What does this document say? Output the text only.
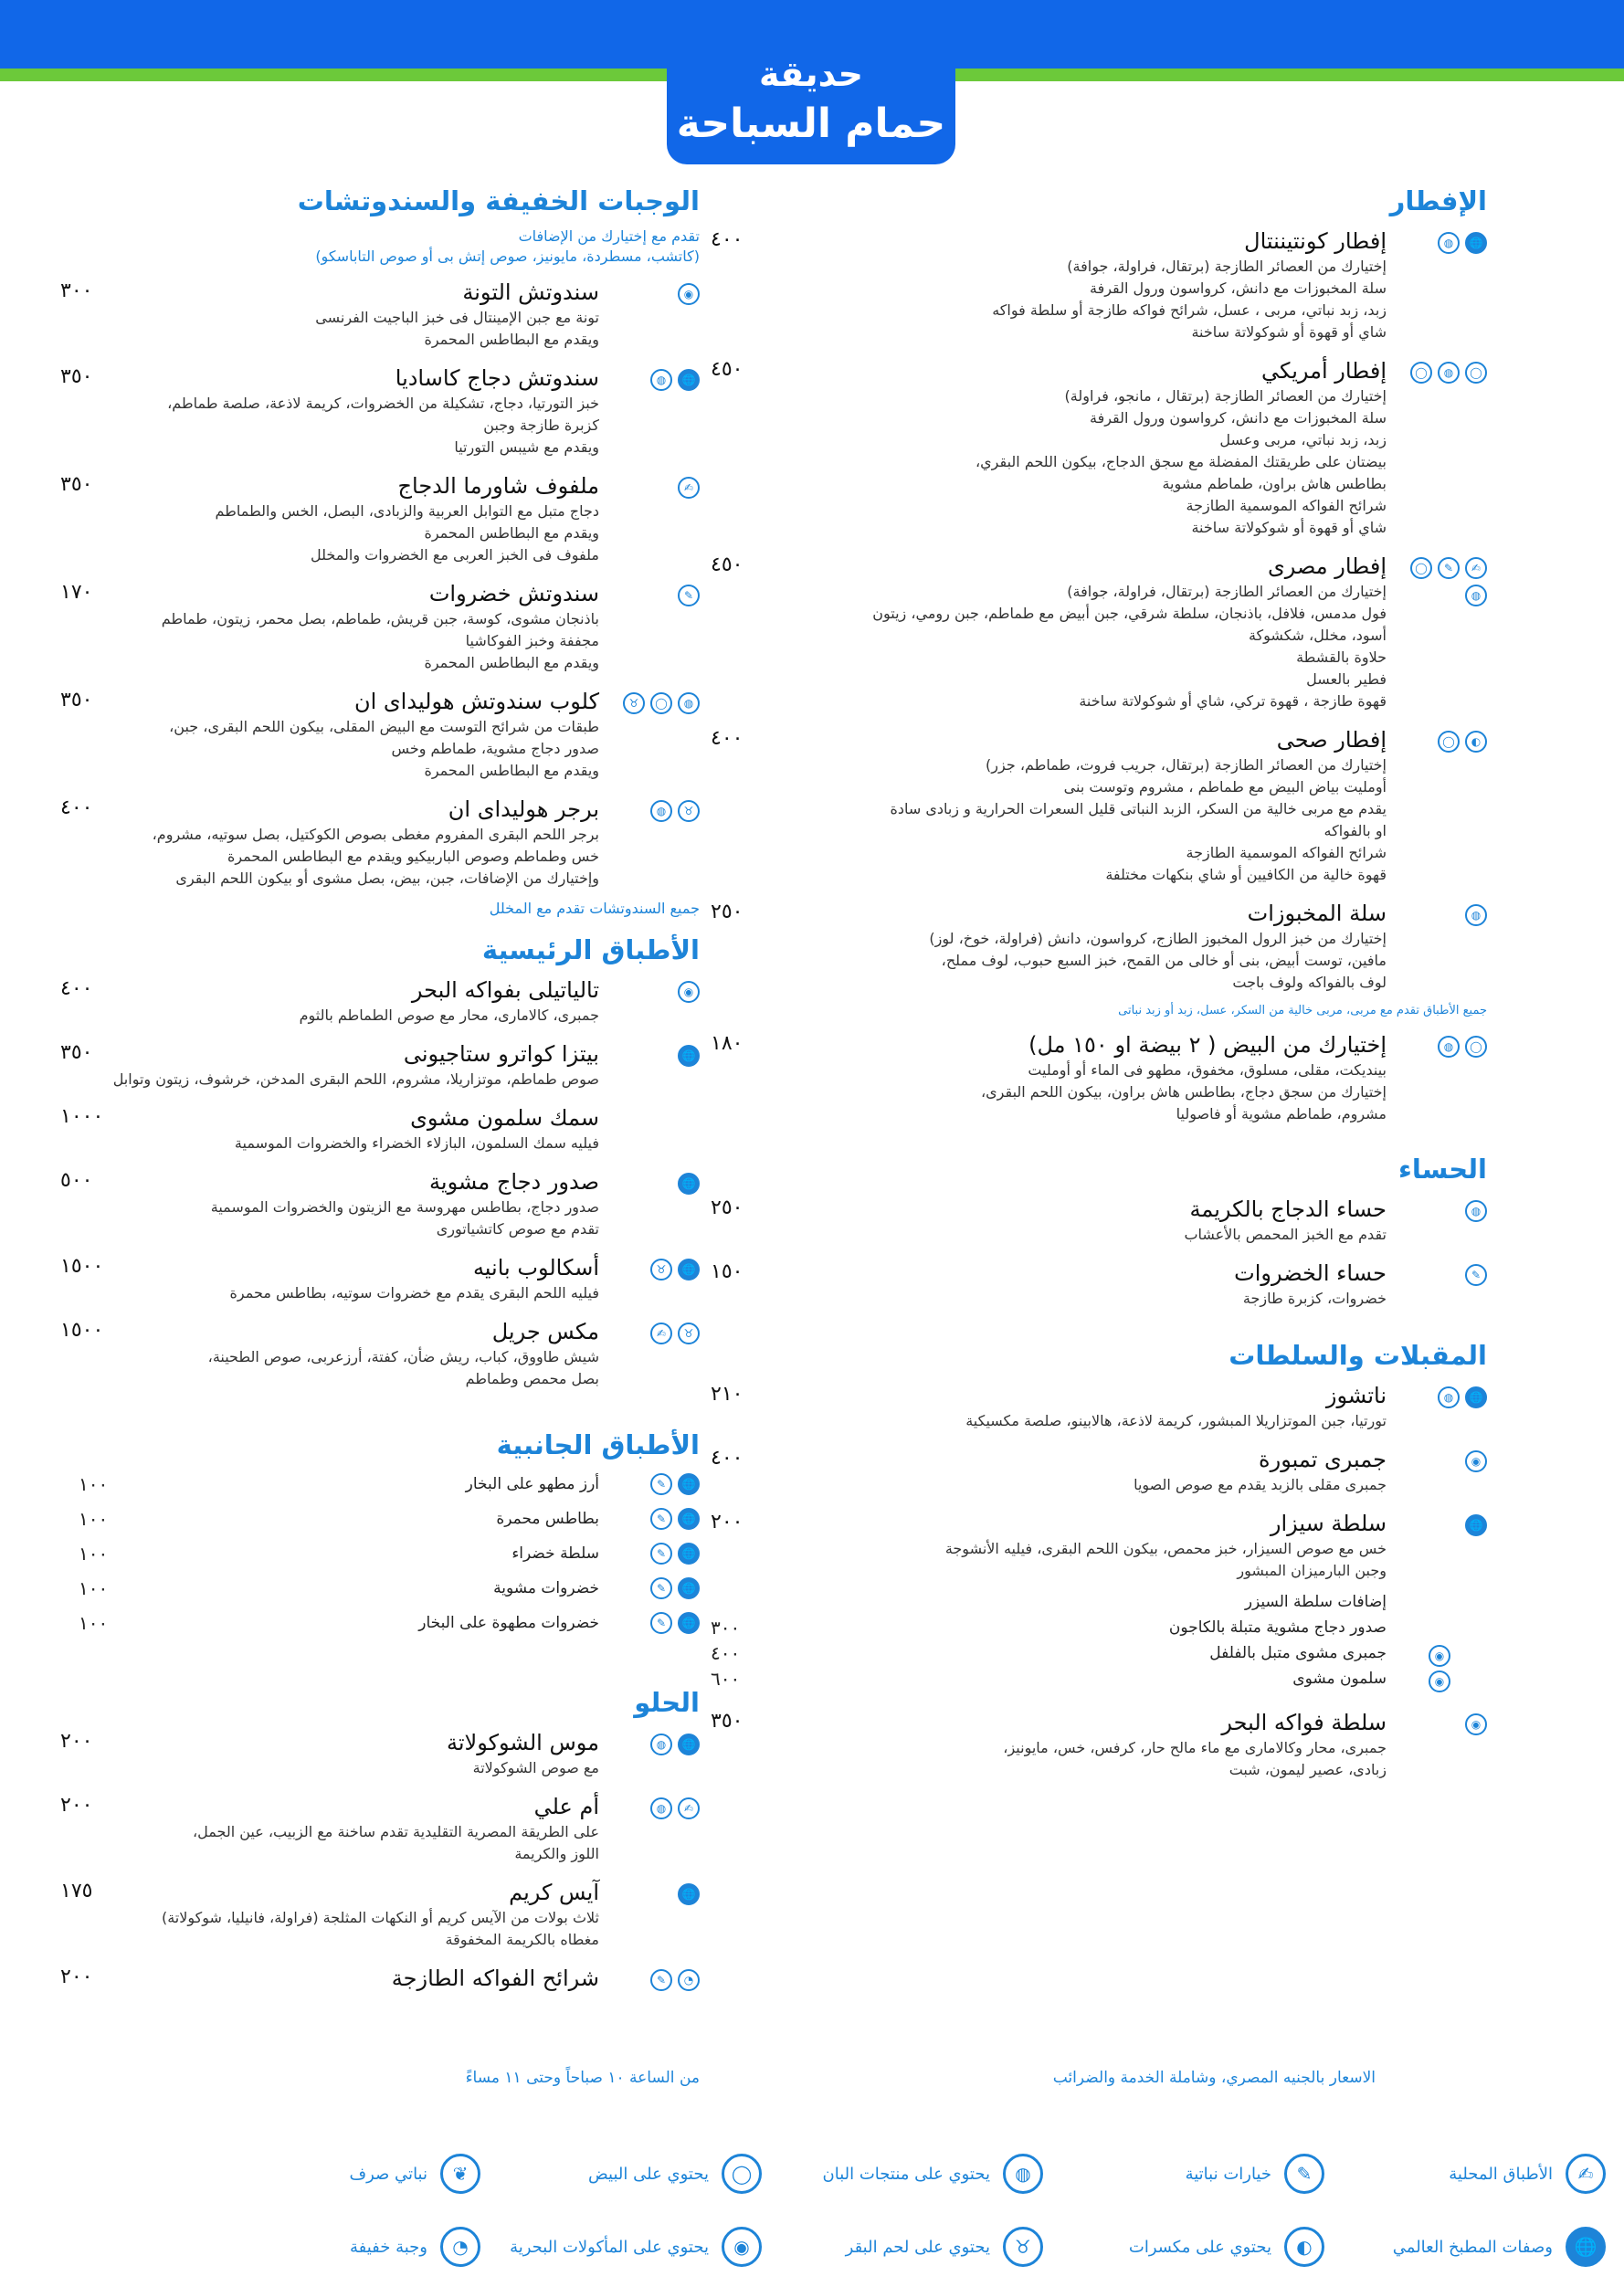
حديقة
حمام السباحة
الإفطار
🌐
◍
إفطار كونتيننتال
إختيارك من العصائر الطازجة (برتقال، فراولة، جوافة)
سلة المخبوزات مع دانش، كرواسون ورول القرفة
زبد، زبد نباتي، مربى ، عسل، شرائح فواكه طازجة أو سلطة فواكه
شاي أو قهوة أو شوكولاتة ساخنة
٤٠٠
◯
◍
◯
إفطار أمريكي
إختيارك من العصائر الطازجة (برتقال ، مانجو، فراولة)
سلة المخبوزات مع دانش، كرواسون ورول القرفة
زبد، زبد نباتي، مربى وعسل
بيضتان على طريقتك المفضلة مع سجق الدجاج، بيكون اللحم البقري،
بطاطس هاش براون، طماطم مشوية
شرائح الفواكه الموسمية الطازجة
شاي أو قهوة أو شوكولاتة ساخنة
٤٥٠
✍
✎
◯
◍
إفطار مصرى
إختيارك من العصائر الطازجة (برتقال، فراولة، جوافة)
فول مدمس، فلافل، باذنجان، سلطة شرقي، جبن أبيض مع طماطم، جبن رومي، زيتون
أسود، مخلل، شكشوكة
حلاوة بالقشطة
فطير بالعسل
قهوة طازجة ، قهوة تركي، شاي أو شوكولاتة ساخنة
٤٥٠
◐
◯
إفطار صحى
إختيارك من العصائر الطازجة (برتقال، جريب فروت، طماطم، جزر)
أومليت بياض البيض مع طماطم ، مشروم وتوست بنى
يقدم مع مربى خالية من السكر، الزبد النباتى قليل السعرات الحرارية و زبادى سادة
او بالفواكه
شرائح الفواكه الموسمية الطازجة
قهوة خالية من الكافيين أو شاي بنكهات مختلفة
٤٠٠
◍
سلة المخبوزات
إختيارك من خبز الرول المخبوز الطازج، كرواسون، دانش (فراولة، خوخ، لوز)
مافين، توست أبيض، بنى أو خالى من القمح، خبز السبع حبوب، لوف مملح،
لوف بالفواكه ولوف باجت
٢٥٠
جميع الأطباق تقدم مع مربى، مربى خالية من السكر، عسل، زبد أو زبد نباتى
◯
◍
إختيارك من البيض ( ٢ بيضة او ١٥٠ مل)
بينديكت، مقلى، مسلوق، مخفوق، مطهو فى الماء أو أومليت
إختيارك من سجق دجاج، بطاطس هاش براون، بيكون اللحم البقرى،
مشروم، طماطم مشوية أو فاصوليا
١٨٠
الحساء
◍
حساء الدجاج بالكريمة
تقدم مع الخبز المحمص بالأعشاب
٢٥٠
✎
حساء الخضروات
خضروات، كزبرة طازجة
١٥٠
المقبلات والسلطات
🌐
◍
ناتشوز
تورتيا، جبن الموتزاريلا المبشور، كريمة لاذعة، هالابينو، صلصة مكسيكية
٢١٠
◉
جمبرى تمبورة
جمبرى مقلى بالزبد يقدم مع صوص الصويا
٤٠٠
🌐
سلطة سيزار
خس مع صوص السيزار، خبز محمص، بيكون اللحم البقرى، فيليه الأنشوجة
وجبن البارميزان المبشور
٢٠٠
إضافات سلطة السيزر
صدور دجاج مشوية متبلة بالكاجون
٣٠٠
◉
جمبرى مشوى متبل بالفلفل
٤٠٠
◉
سلمون مشوى
٦٠٠
◉
سلطة فواكه البحر
جمبرى، محار وكالامارى مع ماء مالح حار، كرفس، خس، مايونيز،
زبادى، عصير ليمون، شبت
٣٥٠
الوجبات الخفيفة والسندوتشات
تقدم مع إختيارك من الإضافات
(كاتشب، مسطردة، مايونيز، صوص إتش بى أو صوص التاباسكو)
◉
سندوتش التونة
تونة مع جبن الإمينتال فى خبز الباجيت الفرنسى
ويقدم مع البطاطس المحمرة
٣٠٠
🌐
◍
سندوتش دجاج كاساديا
خبز التورتيا، دجاج، تشكيلة من الخضروات، كريمة لاذعة، صلصة طماطم،
كزبرة طازجة وجبن
ويقدم مع شيبس التورتيا
٣٥٠
✍
ملفوف شاورما الدجاج
دجاج متبل مع التوابل العربية والزبادى، البصل، الخس والطماطم
ويقدم مع البطاطس المحمرة
ملفوف فى الخبز العربى مع الخضروات والمخلل
٣٥٠
✎
سندوتش خضروات
باذنجان مشوى، كوسة، جبن قريش، طماطم، بصل محمر، زيتون، طماطم
مجففة وخبز الفوكاشيا
ويقدم مع البطاطس المحمرة
١٧٠
◍
◯
♉
كلوب سندوتش هوليداى ان
طبقات من شرائح التوست مع البيض المقلى، بيكون اللحم البقرى، جبن،
صدور دجاج مشوية، طماطم وخس
ويقدم مع البطاطس المحمرة
٣٥٠
♉
◍
برجر هوليداى ان
برجر اللحم البقرى المفروم مغطى بصوص الكوكتيل، بصل سوتيه، مشروم،
خس وطماطم وصوص الباربيكيو ويقدم مع البطاطس المحمرة
وإختيارك من الإضافات، جبن، بيض، بصل مشوى أو بيكون اللحم البقرى
٤٠٠
جميع السندوتشات تقدم مع المخلل
الأطباق الرئيسية
◉
تالياتيلى بفواكه البحر
جمبرى، كالامارى، محار مع صوص الطماطم بالثوم
٤٠٠
🌐
بيتزا كواترو ستاجيونى
صوص طماطم، موتزاريلا، مشروم، اللحم البقرى المدخن، خرشوف، زيتون وتوابل
٣٥٠
سمك سلمون مشوى
فيليه سمك السلمون، البازلاء الخضراء والخضروات الموسمية
١٠٠٠
🌐
صدور دجاج مشوية
صدور دجاج، بطاطس مهروسة مع الزيتون والخضروات الموسمية
تقدم مع صوص كاتشياتورى
٥٠٠
🌐
♉
أسكالوب بانيه
فيليه اللحم البقرى يقدم مع خضروات سوتيه، بطاطس محمرة
١٥٠٠
♉
✍
مكس جريل
شيش طاووق، كباب، ريش ضأن، كفتة، أرزعربى، صوص الطحينة،
بصل محمص وطماطم
١٥٠٠
الأطباق الجانبية
🌐
✎
أرز مطهو على البخار
١٠٠
🌐
✎
بطاطس محمرة
١٠٠
🌐
✎
سلطة خضراء
١٠٠
🌐
✎
خضروات مشوية
١٠٠
🌐
✎
خضروات مطهوة على البخار
١٠٠
الحلو
🌐
◍
موس الشوكولاتة
مع صوص الشوكولاتة
٢٠٠
✍
◍
أم علي
على الطريقة المصرية التقليدية تقدم ساخنة مع الزبيب، عين الجمل،
اللوز والكريمة
٢٠٠
🌐
آيس كريم
ثلاث بولات من الآيس كريم أو النكهات المثلجة (فراولة، فانيليا، شوكولاتة)
مغطاه بالكريمة المخفوقة
١٧٥
◔
✎
شرائح الفواكه الطازجة
٢٠٠
الاسعار بالجنيه المصري، وشاملة الخدمة والضرائب
من الساعة ١٠ صباحاً وحتى ١١ مساءً
✍
الأطباق المحلية
✎
خيارات نباتية
◍
يحتوي على منتجات البان
◯
يحتوي على البيض
❦
نباتي صرف
🌐
وصفات المطبخ العالمي
◐
يحتوي على مكسرات
♉
يحتوي على لحم البقر
◉
يحتوي على المأكولات البحرية
◔
وجبة خفيفة
